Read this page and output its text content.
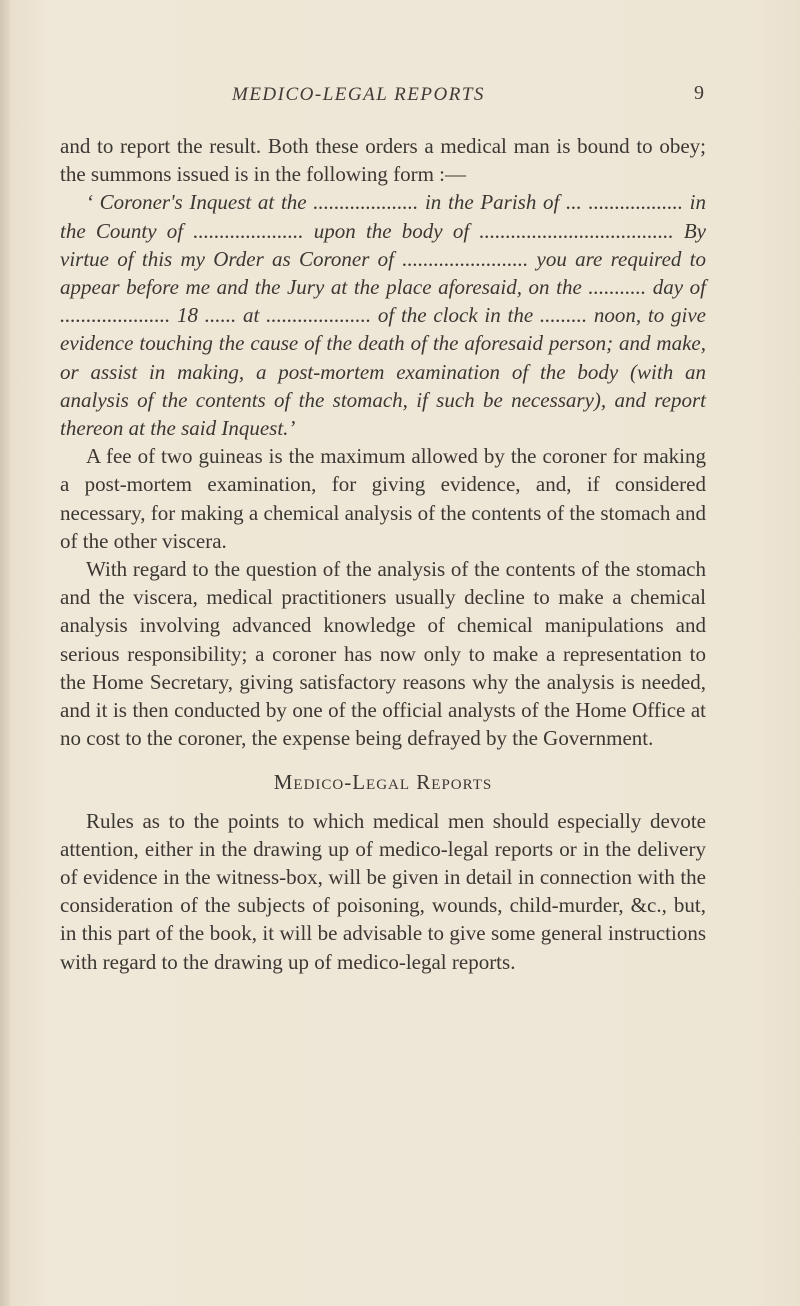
MEDICO-LEGAL REPORTS	9

and to report the result. Both these orders a medical man is bound to obey; the summons issued is in the following form :—

‘ Coroner's Inquest at the .................... in the Parish of ... .................. in the County of ..................... upon the body of ..................................... By virtue of this my Order as Coroner of ........................ you are required to appear before me and the Jury at the place aforesaid, on the ........... day of ..................... 18 ...... at .................... of the clock in the ......... noon, to give evidence touching the cause of the death of the aforesaid person; and make, or assist in making, a post-mortem examination of the body (with an analysis of the contents of the stomach, if such be necessary), and report thereon at the said Inquest.’

A fee of two guineas is the maximum allowed by the coroner for making a post-mortem examination, for giving evidence, and, if considered necessary, for making a chemical analysis of the contents of the stomach and of the other viscera.

With regard to the question of the analysis of the contents of the stomach and the viscera, medical practitioners usually decline to make a chemical analysis involving advanced knowledge of chemical manipulations and serious responsibility; a coroner has now only to make a representation to the Home Secretary, giving satisfactory reasons why the analysis is needed, and it is then conducted by one of the official analysts of the Home Office at no cost to the coroner, the expense being defrayed by the Government.

Medico-Legal Reports

Rules as to the points to which medical men should especially devote attention, either in the drawing up of medico-legal reports or in the delivery of evidence in the witness-box, will be given in detail in connection with the consideration of the subjects of poisoning, wounds, child-murder, &c., but, in this part of the book, it will be advisable to give some general instructions with regard to the drawing up of medico-legal reports.
